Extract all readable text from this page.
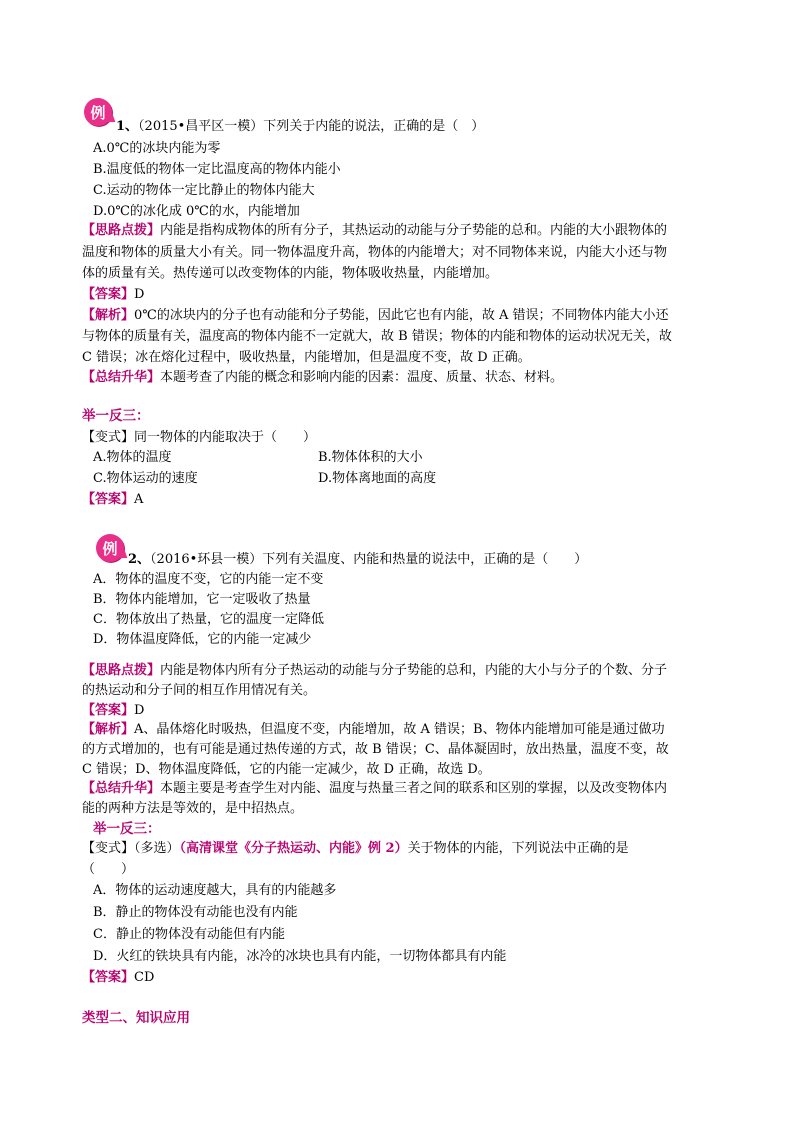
例
1、（2015•昌平区一模）下列关于内能的说法，正确的是（　）
A.0℃的冰块内能为零
B.温度低的物体一定比温度高的物体内能小
C.运动的物体一定比静止的物体内能大
D.0℃的冰化成 0℃的水，内能增加
【思路点拨】内能是指构成物体的所有分子，其热运动的动能与分子势能的总和。内能的大小跟物体的
温度和物体的质量大小有关。同一物体温度升高，物体的内能增大；对不同物体来说，内能大小还与物
体的质量有关。热传递可以改变物体的内能，物体吸收热量，内能增加。
【答案】D
【解析】0℃的冰块内的分子也有动能和分子势能，因此它也有内能，故 A 错误；不同物体内能大小还
与物体的质量有关，温度高的物体内能不一定就大，故 B 错误；物体的内能和物体的运动状况无关，故
C 错误；冰在熔化过程中，吸收热量，内能增加，但是温度不变，故 D 正确。
【总结升华】本题考查了内能的概念和影响内能的因素：温度、质量、状态、材料。
举一反三：
【变式】同一物体的内能取决于（　　）
A.物体的温度	B.物体体积的大小
C.物体运动的速度	D.物体离地面的高度
【答案】A
例
2、（2016•环县一模）下列有关温度、内能和热量的说法中，正确的是（　　）
A．物体的温度不变，它的内能一定不变
B．物体内能增加，它一定吸收了热量
C．物体放出了热量，它的温度一定降低
D．物体温度降低，它的内能一定减少
【思路点拨】内能是物体内所有分子热运动的动能与分子势能的总和，内能的大小与分子的个数、分子
的热运动和分子间的相互作用情况有关。
【答案】D
【解析】A、晶体熔化时吸热，但温度不变，内能增加，故 A 错误；B、物体内能增加可能是通过做功
的方式增加的，也有可能是通过热传递的方式，故 B 错误；C、晶体凝固时，放出热量，温度不变，故
C 错误；D、物体温度降低，它的内能一定减少，故 D 正确，故选 D。
【总结升华】本题主要是考查学生对内能、温度与热量三者之间的联系和区别的掌握，以及改变物体内
能的两种方法是等效的，是中招热点。
举一反三：
【变式】（多选）（高清课堂《分子热运动、内能》例 2）关于物体的内能，下列说法中正确的是
（　　）
A．物体的运动速度越大，具有的内能越多
B．静止的物体没有动能也没有内能
C．静止的物体没有动能但有内能
D．火红的铁块具有内能，冰冷的冰块也具有内能，一切物体都具有内能
【答案】CD
类型二、知识应用
